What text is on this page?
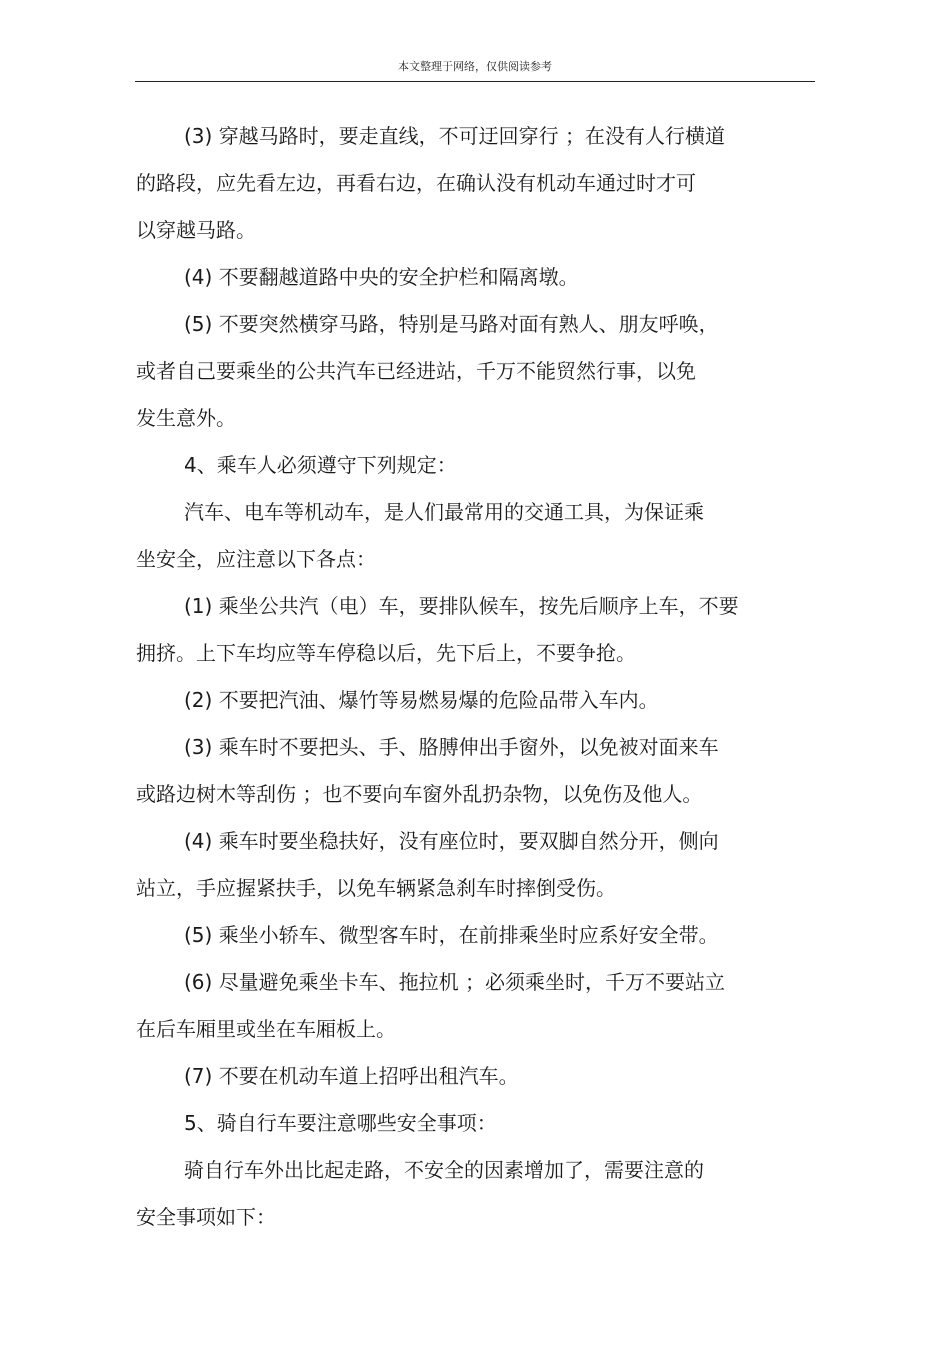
本文整理于网络，仅供阅读参考

(3) 穿越马路时，要走直线，不可迂回穿行 ；在没有人行横道

的路段，应先看左边，再看右边，在确认没有机动车通过时才可

以穿越马路。

(4) 不要翻越道路中央的安全护栏和隔离墩。

(5) 不要突然横穿马路，特别是马路对面有熟人、朋友呼唤，

或者自己要乘坐的公共汽车已经进站，千万不能贸然行事，以免

发生意外。

4、乘车人必须遵守下列规定：

汽车、电车等机动车，是人们最常用的交通工具，为保证乘

坐安全，应注意以下各点：

(1) 乘坐公共汽（电）车，要排队候车，按先后顺序上车，不要

拥挤。上下车均应等车停稳以后，先下后上，不要争抢。

(2) 不要把汽油、爆竹等易燃易爆的危险品带入车内。

(3) 乘车时不要把头、手、胳膊伸出手窗外，以免被对面来车

或路边树木等刮伤 ；也不要向车窗外乱扔杂物，以免伤及他人。

(4) 乘车时要坐稳扶好，没有座位时，要双脚自然分开，侧向

站立，手应握紧扶手，以免车辆紧急刹车时摔倒受伤。

(5) 乘坐小轿车、微型客车时，在前排乘坐时应系好安全带。

(6) 尽量避免乘坐卡车、拖拉机 ；必须乘坐时，千万不要站立

在后车厢里或坐在车厢板上。

(7) 不要在机动车道上招呼出租汽车。

5、骑自行车要注意哪些安全事项：

骑自行车外出比起走路，不安全的因素增加了，需要注意的

安全事项如下：
